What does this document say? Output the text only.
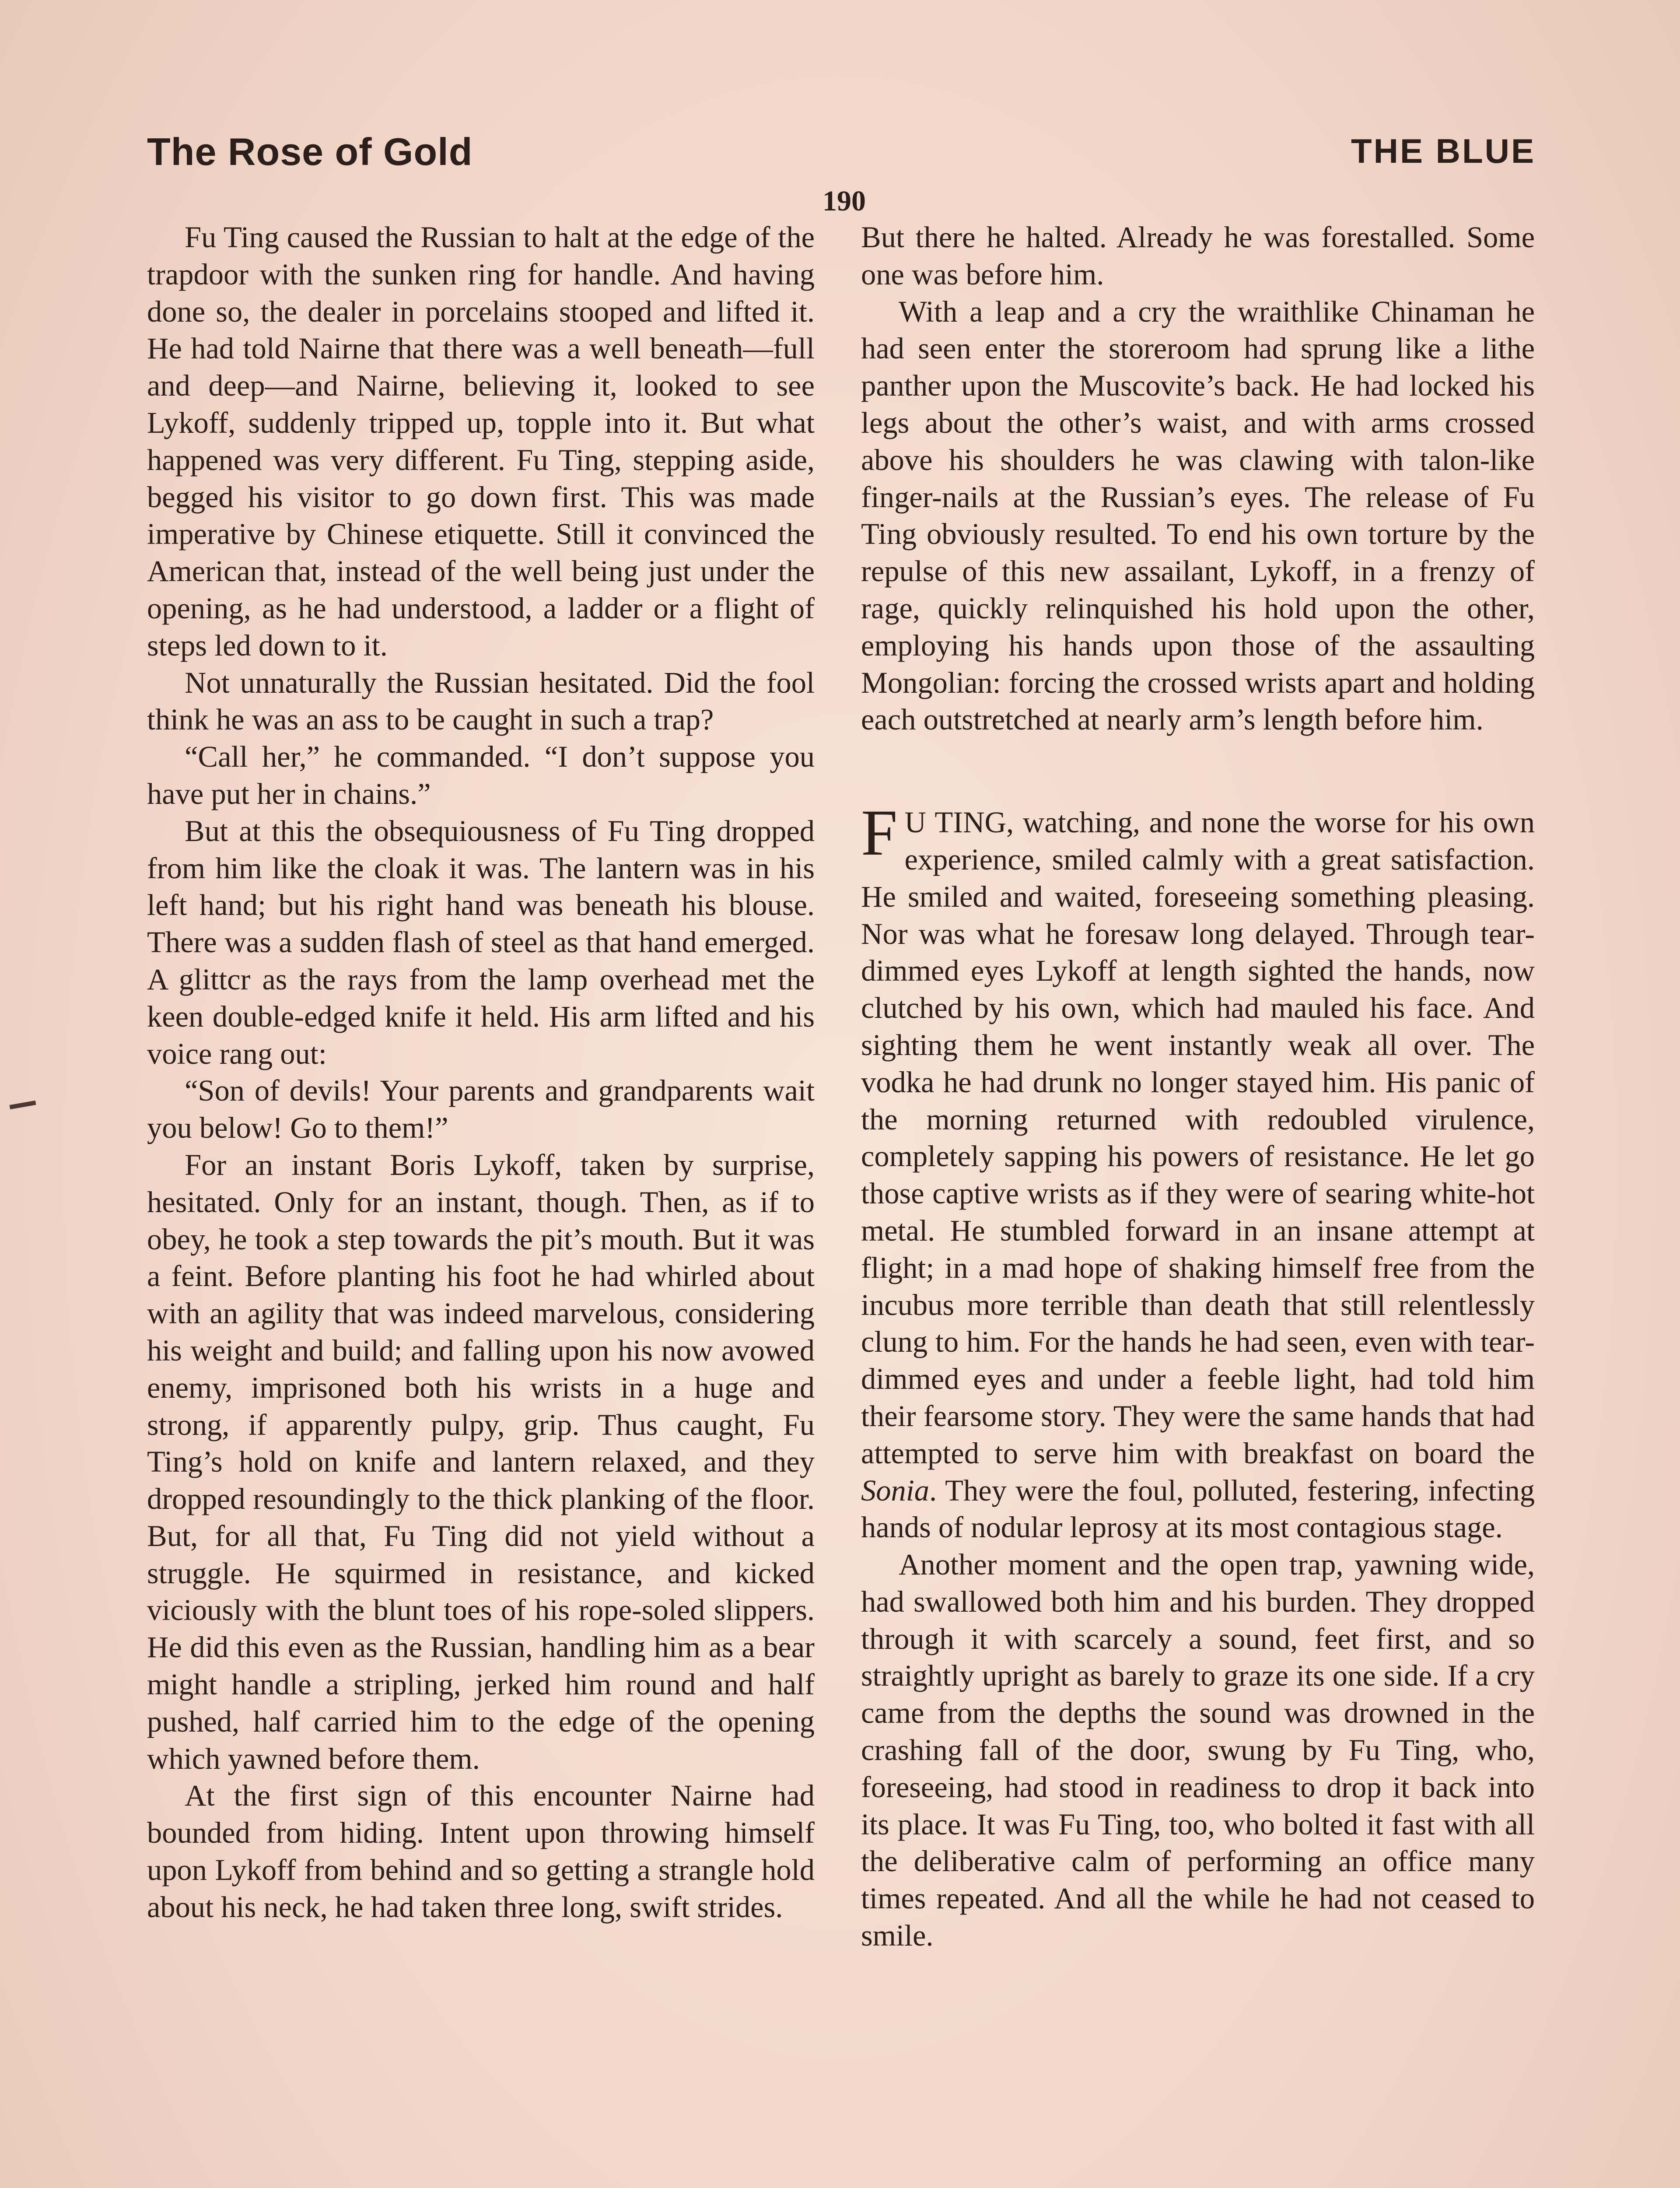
The Rose of Gold	THE BLUE
190

Fu Ting caused the Russian to halt at the edge of the trapdoor with the sunken ring for handle. And having done so, the dealer in porcelains stooped and lifted it. He had told Nairne that there was a well beneath—full and deep—and Nairne, believing it, looked to see Lykoff, suddenly tripped up, topple into it. But what happened was very different. Fu Ting, stepping aside, begged his visitor to go down first. This was made imperative by Chinese etiquette. Still it convinced the American that, instead of the well being just under the opening, as he had understood, a ladder or a flight of steps led down to it.

Not unnaturally the Russian hesitated. Did the fool think he was an ass to be caught in such a trap?

“Call her,” he commanded. “I don’t suppose you have put her in chains.”

But at this the obsequiousness of Fu Ting dropped from him like the cloak it was. The lantern was in his left hand; but his right hand was beneath his blouse. There was a sudden flash of steel as that hand emerged. A glittcr as the rays from the lamp overhead met the keen double-edged knife it held. His arm lifted and his voice rang out:

“Son of devils! Your parents and grandparents wait you below! Go to them!”

For an instant Boris Lykoff, taken by surprise, hesitated. Only for an instant, though. Then, as if to obey, he took a step towards the pit’s mouth. But it was a feint. Before planting his foot he had whirled about with an agility that was indeed marvelous, considering his weight and build; and falling upon his now avowed enemy, imprisoned both his wrists in a huge and strong, if apparently pulpy, grip. Thus caught, Fu Ting’s hold on knife and lantern relaxed, and they dropped resoundingly to the thick planking of the floor. But, for all that, Fu Ting did not yield without a struggle. He squirmed in resistance, and kicked viciously with the blunt toes of his rope-soled slippers. He did this even as the Russian, handling him as a bear might handle a stripling, jerked him round and half pushed, half carried him to the edge of the opening which yawned before them.

At the first sign of this encounter Nairne had bounded from hiding. Intent upon throwing himself upon Lykoff from behind and so getting a strangle hold about his neck, he had taken three long, swift strides.

But there he halted. Already he was forestalled. Some one was before him.

With a leap and a cry the wraithlike Chinaman he had seen enter the storeroom had sprung like a lithe panther upon the Muscovite’s back. He had locked his legs about the other’s waist, and with arms crossed above his shoulders he was clawing with talon-like finger-nails at the Russian’s eyes. The release of Fu Ting obviously resulted. To end his own torture by the repulse of this new assailant, Lykoff, in a frenzy of rage, quickly relinquished his hold upon the other, employing his hands upon those of the assaulting Mongolian: forcing the crossed wrists apart and holding each outstretched at nearly arm’s length before him.

F U TING, watching, and none the worse for his own experience, smiled calmly with a great satisfaction. He smiled and waited, foreseeing something pleasing. Nor was what he foresaw long delayed. Through tear-dimmed eyes Lykoff at length sighted the hands, now clutched by his own, which had mauled his face. And sighting them he went instantly weak all over. The vodka he had drunk no longer stayed him. His panic of the morning returned with redoubled virulence, completely sapping his powers of resistance. He let go those captive wrists as if they were of searing white-hot metal. He stumbled forward in an insane attempt at flight; in a mad hope of shaking himself free from the incubus more terrible than death that still relentlessly clung to him. For the hands he had seen, even with tear-dimmed eyes and under a feeble light, had told him their fearsome story. They were the same hands that had attempted to serve him with breakfast on board the Sonia. They were the foul, polluted, festering, infecting hands of nodular leprosy at its most contagious stage.

Another moment and the open trap, yawning wide, had swallowed both him and his burden. They dropped through it with scarcely a sound, feet first, and so straightly upright as barely to graze its one side. If a cry came from the depths the sound was drowned in the crashing fall of the door, swung by Fu Ting, who, foreseeing, had stood in readiness to drop it back into its place. It was Fu Ting, too, who bolted it fast with all the deliberative calm of performing an office many times repeated. And all the while he had not ceased to smile.
